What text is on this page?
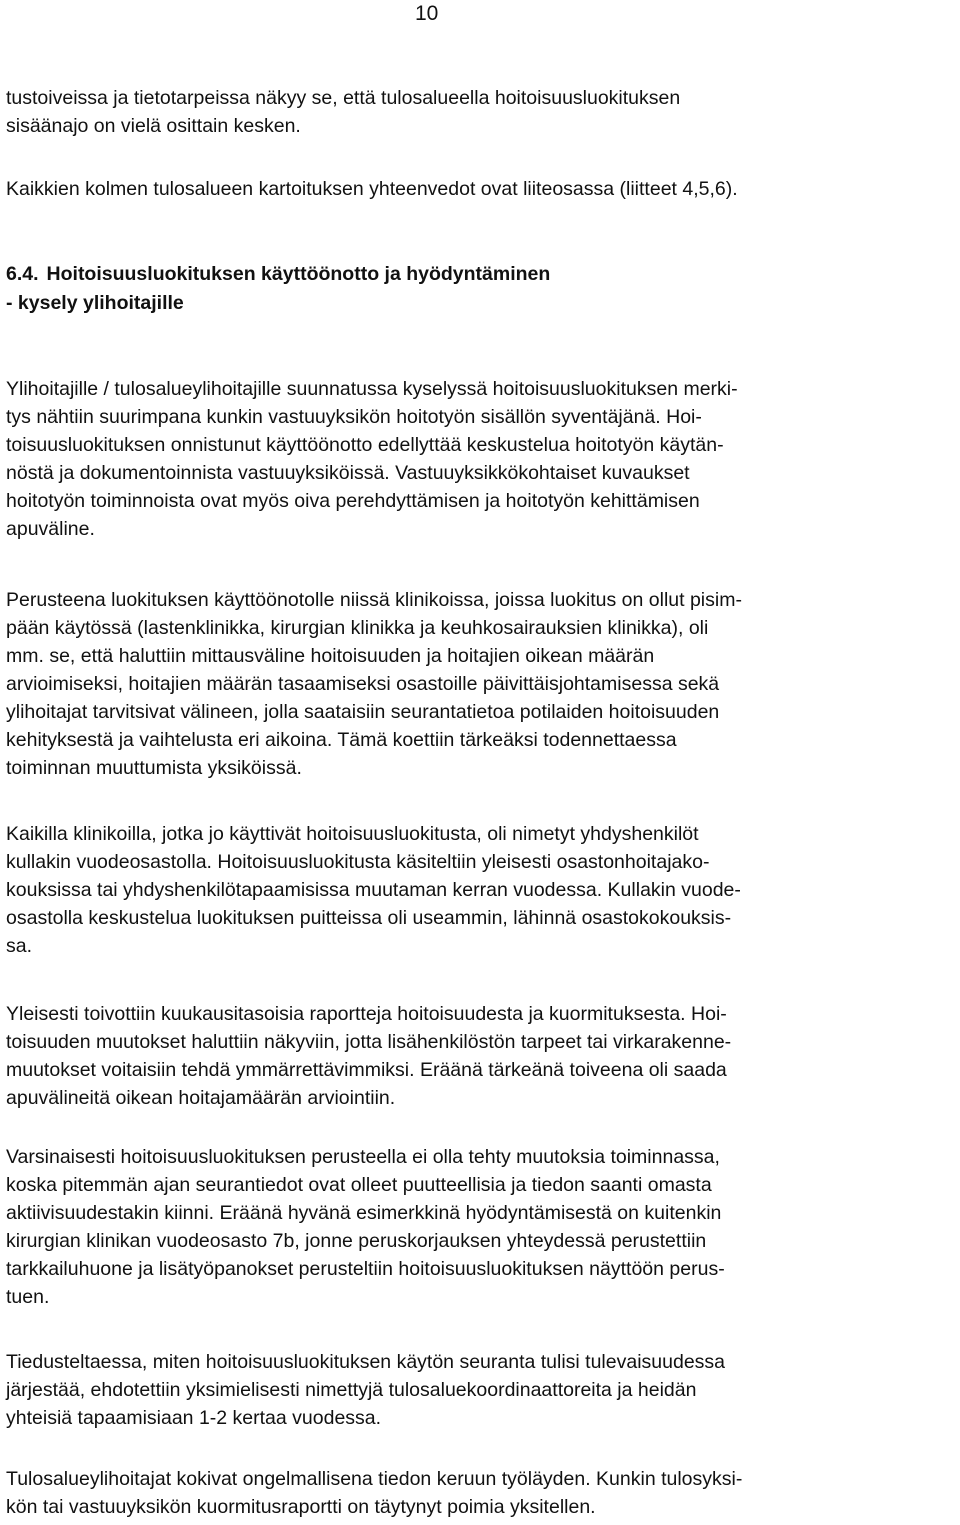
10
tustoiveissa ja tietotarpeissa näkyy se, että tulosalueella hoitoisuusluokituksen
sisäänajo on vielä osittain kesken.
Kaikkien kolmen tulosalueen kartoituksen yhteenvedot ovat liiteosassa (liitteet 4,5,6).
6.4. Hoitoisuusluokituksen käyttöönotto ja hyödyntäminen
- kysely ylihoitajille
Ylihoitajille / tulosalueylihoitajille suunnatussa kyselyssä hoitoisuusluokituksen merki-
tys nähtiin suurimpana kunkin vastuuyksikön hoitotyön sisällön syventäjänä. Hoi-
toisuusluokituksen onnistunut käyttöönotto edellyttää keskustelua hoitotyön käytän-
nöstä ja dokumentoinnista vastuuyksiköissä. Vastuuyksikkökohtaiset kuvaukset
hoitotyön toiminnoista ovat myös oiva perehdyttämisen ja hoitotyön kehittämisen
apuväline.
Perusteena luokituksen käyttöönotolle niissä klinikoissa, joissa luokitus on ollut pisim-
pään käytössä (lastenklinikka, kirurgian klinikka ja keuhkosairauksien klinikka), oli
mm. se, että haluttiin mittausväline hoitoisuuden ja hoitajien oikean määrän
arvioimiseksi, hoitajien määrän tasaamiseksi osastoille päivittäisjohtamisessa sekä
ylihoitajat tarvitsivat välineen, jolla saataisiin seurantatietoa potilaiden hoitoisuuden
kehityksestä ja vaihtelusta eri aikoina. Tämä koettiin tärkeäksi todennettaessa
toiminnan muuttumista yksiköissä.
Kaikilla klinikoilla, jotka jo käyttivät hoitoisuusluokitusta, oli nimetyt yhdyshenkilöt
kullakin vuodeosastolla. Hoitoisuusluokitusta käsiteltiin yleisesti osastonhoitajako-
kouksissa tai yhdyshenkilötapaamisissa muutaman kerran vuodessa. Kullakin vuode-
osastolla keskustelua luokituksen puitteissa oli useammin, lähinnä osastokokouksis-
sa.
Yleisesti toivottiin kuukausitasoisia raportteja hoitoisuudesta ja kuormituksesta. Hoi-
toisuuden muutokset haluttiin näkyviin, jotta lisähenkilöstön tarpeet tai virkarakenne-
muutokset voitaisiin tehdä ymmärrettävimmiksi. Eräänä tärkeänä toiveena oli saada
apuvälineitä oikean hoitajamäärän arviointiin.
Varsinaisesti hoitoisuusluokituksen perusteella ei olla tehty muutoksia toiminnassa,
koska pitemmän ajan seurantiedot ovat olleet puutteellisia ja tiedon saanti omasta
aktiivisuudestakin kiinni. Eräänä hyvänä esimerkkinä hyödyntämisestä on kuitenkin
kirurgian klinikan vuodeosasto 7b, jonne peruskorjauksen yhteydessä perustettiin
tarkkailuhuone ja lisätyöpanokset perusteltiin hoitoisuusluokituksen näyttöön perus-
tuen.
Tiedusteltaessa, miten hoitoisuusluokituksen käytön seuranta tulisi tulevaisuudessa
järjestää, ehdotettiin yksimielisesti nimettyjä tulosaluekoordinaattoreita ja heidän
yhteisiä tapaamisiaan 1-2 kertaa vuodessa.
Tulosalueylihoitajat kokivat ongelmallisena tiedon keruun työläyden. Kunkin tulosyksi-
kön tai vastuuyksikön kuormitusraportti on täytynyt poimia yksitellen.
